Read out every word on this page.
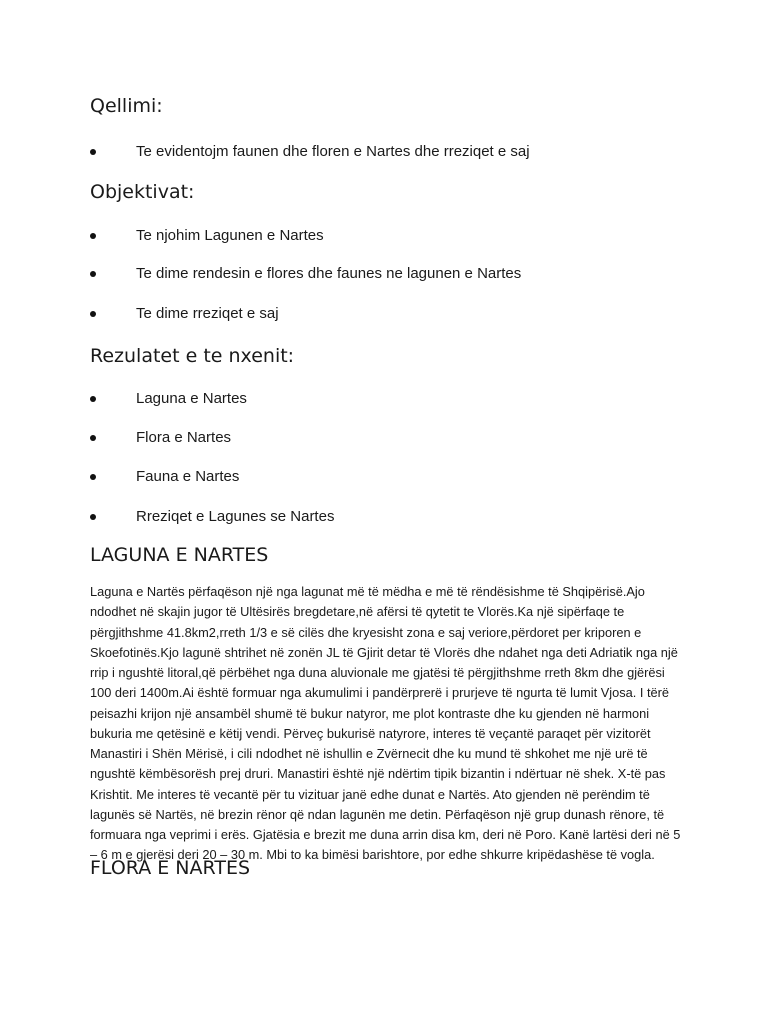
Qellimi:
Te evidentojm faunen dhe floren e Nartes dhe rreziqet e saj
Objektivat:
Te njohim Lagunen e Nartes
Te dime rendesin e flores dhe faunes ne lagunen e Nartes
Te dime rreziqet e saj
Rezulatet e te nxenit:
Laguna e Nartes
Flora e Nartes
Fauna e Nartes
Rreziqet e Lagunes se Nartes
LAGUNA E NARTES

Laguna e Nartës përfaqëson një nga lagunat më të mëdha e më të rëndësishme të Shqipërisë.Ajo
ndodhet në skajin jugor të Ultësirës bregdetare,në afërsi të qytetit te Vlorës.Ka një sipërfaqe te
përgjithshme 41.8km2,rreth 1/3 e së cilës dhe kryesisht zona e saj veriore,përdoret per kriporen e
Skoefotinës.Kjo lagunë shtrihet në zonën JL të Gjirit detar të Vlorës dhe ndahet nga deti Adriatik nga një
rrip i ngushtë litoral,që përbëhet nga duna aluvionale me gjatësi të përgjithshme rreth 8km dhe gjërësi
100 deri 1400m.Ai është formuar nga akumulimi i pandërprerë i prurjeve të ngurta të lumit Vjosa. I tërë
peisazhi krijon një ansambël shumë të bukur natyror, me plot kontraste dhe ku gjenden në harmoni
bukuria me qetësinë e këtij vendi. Përveç bukurisë natyrore, interes të veçantë paraqet për vizitorët
Manastiri i Shën Mërisë, i cili ndodhet në ishullin e Zvërnecit dhe ku mund të shkohet me një urë të
ngushtë këmbësorësh prej druri. Manastiri është një ndërtim tipik bizantin i ndërtuar në shek. X-të pas
Krishtit. Me interes të vecantë për tu vizituar janë edhe dunat e Nartës. Ato gjenden në perëndim të
lagunës së Nartës, në brezin rënor që ndan lagunën me detin. Përfaqëson një grup dunash rënore, të
formuara nga veprimi i erës. Gjatësia e brezit me duna arrin disa km, deri në Poro. Kanë lartësi deri në 5
– 6 m e gjerësi deri 20 – 30 m. Mbi to ka bimësi barishtore, por edhe shkurre kripëdashëse të vogla.

FLORA E NARTES
